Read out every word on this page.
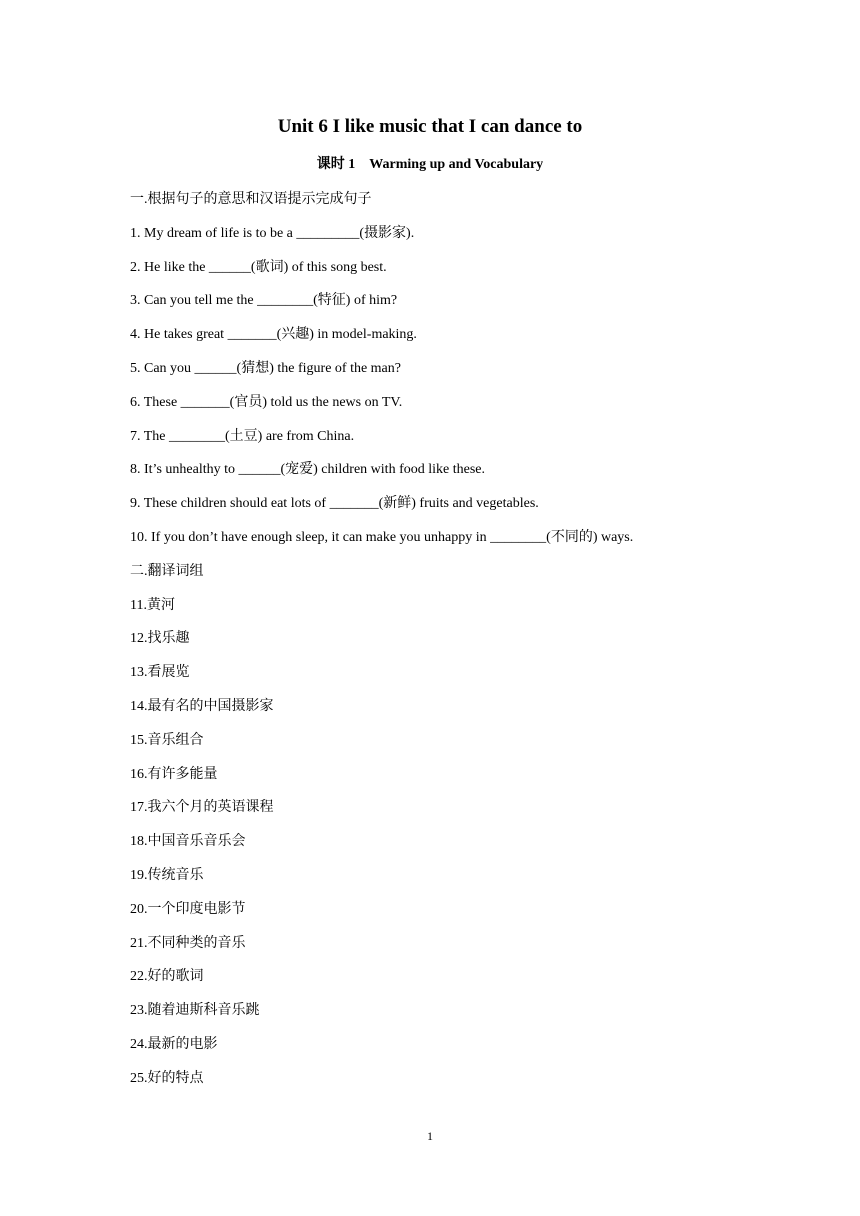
Unit 6 I like music that I can dance to
课时 1 Warming up and Vocabulary
一.根据句子的意思和汉语提示完成句子
1. My dream of life is to be a _________(摄影家).
2. He like the ______(歌词) of this song best.
3. Can you tell me the ________(特征) of him?
4. He takes great _______(兴趣) in model-making.
5. Can you ______(猜想) the figure of the man?
6. These _______(官员) told us the news on TV.
7. The ________(土豆) are from China.
8. It’s unhealthy to ______(宠爱) children with food like these.
9. These children should eat lots of _______(新鲜) fruits and vegetables.
10. If you don’t have enough sleep, it can make you unhappy in ________(不同的) ways.
二.翻译词组
11.黄河
12.找乐趣
13.看展览
14.最有名的中国摄影家
15.音乐组合
16.有许多能量
17.我六个月的英语课程
18.中国音乐音乐会
19.传统音乐
20.一个印度电影节
21.不同种类的音乐
22.好的歌词
23.随着迪斯科音乐跳
24.最新的电影
25.好的特点
1
